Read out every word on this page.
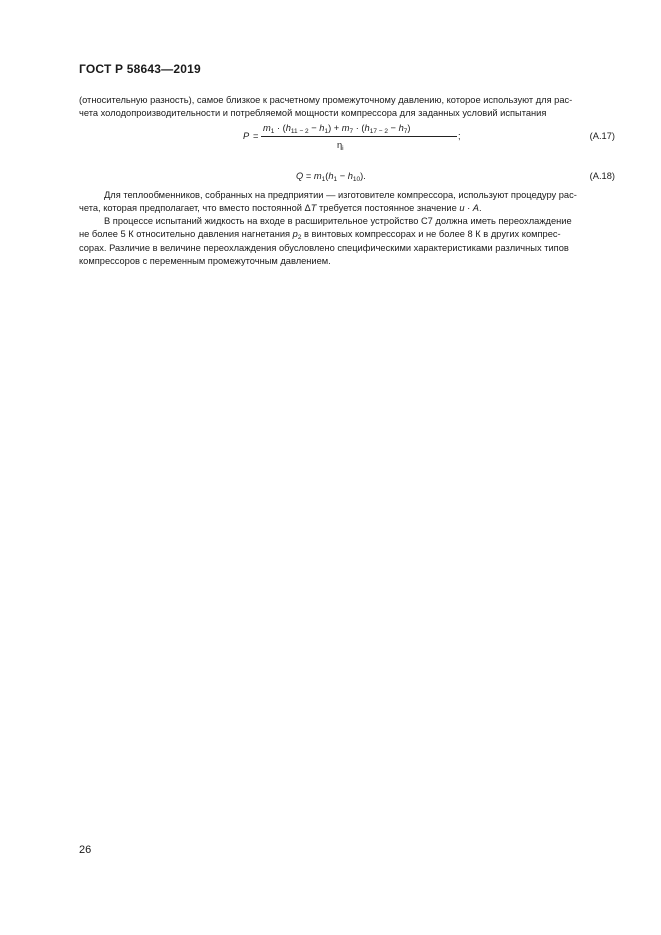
ГОСТ Р 58643—2019
(относительную разность), самое близкое к расчетному промежуточному давлению, которое используют для рас-
чета холодопроизводительности и потребляемой мощности компрессора для заданных условий испытания
P =
$m_1 \cdot (h_{11 - 2} - h_1) + m_7 \cdot (h_{17 - 2} - h_7)$
;
$\eta_i$
(А.17)
$Q = m_1(h_1 - h_{10})$.	(А.18)
Для теплообменников, собранных на предприятии — изготовителе компрессора, используют процедуру рас-
чета, которая предполагает, что вместо постоянной ΔT требуется постоянное значение u · A.
В процессе испытаний жидкость на входе в расширительное устройство С7 должна иметь переохлаждение
не более 5 К относительно давления нагнетания $p_2$ в винтовых компрессорах и не более 8 К в других компрес-
сорах. Различие в величине переохлаждения обусловлено специфическими характеристиками различных типов
компрессоров с переменным промежуточным давлением.
26
